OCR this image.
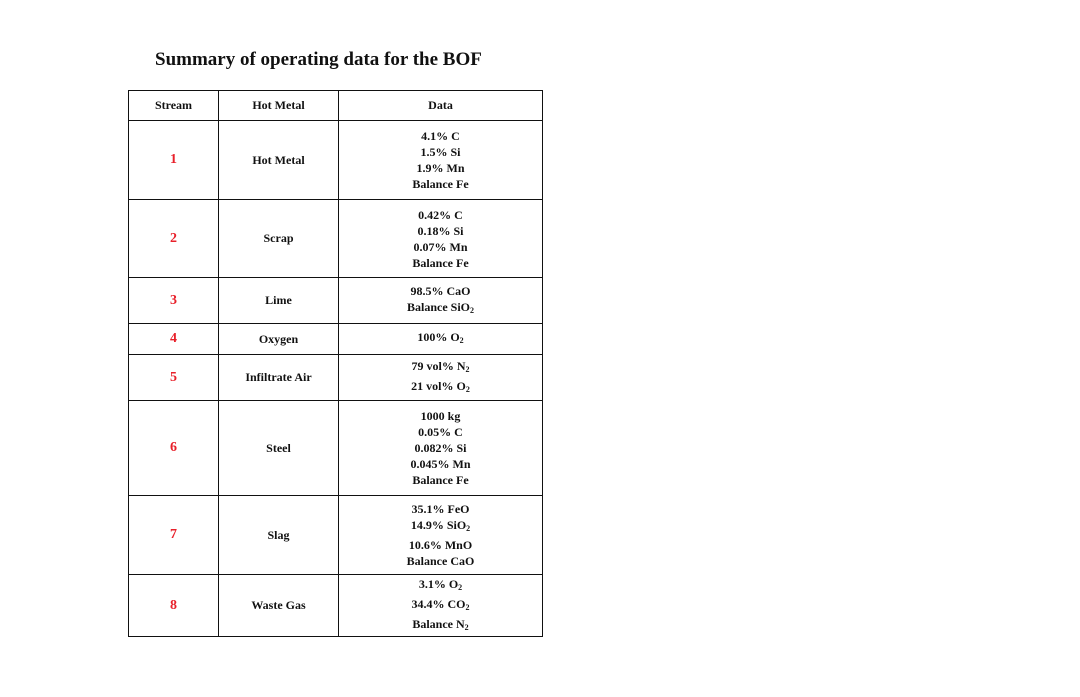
Summary of operating data for the BOF
Stream	Hot Metal	Data
1	Hot Metal	4.1% C
1.5% Si
1.9% Mn
Balance Fe

2	Scrap	0.42% C
0.18% Si
0.07% Mn
Balance Fe

3	Lime	98.5% CaO
Balance SiO$_2$

4	Oxygen	100% $O_2$

5	Infiltrate Air	79 vol% $N_2$
21 vol% $O_2$

6	Steel	1000 kg
0.05% C
0.082% Si
0.045% Mn
Balance Fe

7	Slag	35.1% FeO
14.9% SiO$_2$
10.6% MnO
Balance CaO

8	Waste Gas	3.1% $O_2$
34.4% $CO_2$
Balance $N_2$
